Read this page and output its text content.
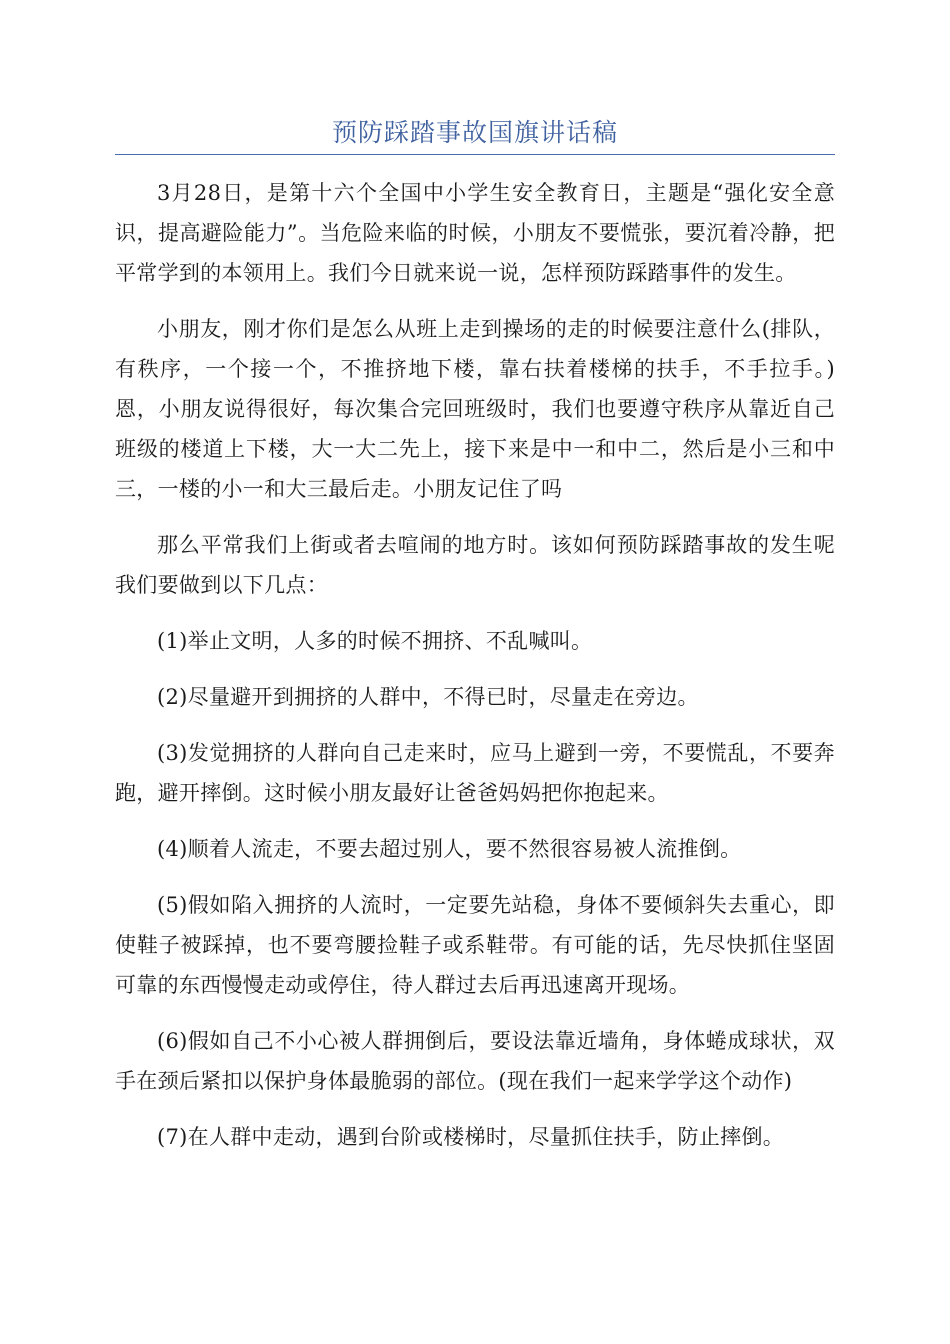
预防踩踏事故国旗讲话稿

3月28日，是第十六个全国中小学生安全教育日，主题是“强化安全意识，提高避险能力”。当危险来临的时候，小朋友不要慌张，要沉着冷静，把平常学到的本领用上。我们今日就来说一说，怎样预防踩踏事件的发生。

小朋友，刚才你们是怎么从班上走到操场的走的时候要注意什么(排队，有秩序，一个接一个，不推挤地下楼，靠右扶着楼梯的扶手，不手拉手。)恩，小朋友说得很好，每次集合完回班级时，我们也要遵守秩序从靠近自己班级的楼道上下楼，大一大二先上，接下来是中一和中二，然后是小三和中三，一楼的小一和大三最后走。小朋友记住了吗

那么平常我们上街或者去喧闹的地方时。该如何预防踩踏事故的发生呢我们要做到以下几点：

(1)举止文明，人多的时候不拥挤、不乱喊叫。

(2)尽量避开到拥挤的人群中，不得已时，尽量走在旁边。

(3)发觉拥挤的人群向自己走来时，应马上避到一旁，不要慌乱，不要奔跑，避开摔倒。这时候小朋友最好让爸爸妈妈把你抱起来。

(4)顺着人流走，不要去超过别人，要不然很容易被人流推倒。

(5)假如陷入拥挤的人流时，一定要先站稳，身体不要倾斜失去重心，即使鞋子被踩掉，也不要弯腰捡鞋子或系鞋带。有可能的话，先尽快抓住坚固可靠的东西慢慢走动或停住，待人群过去后再迅速离开现场。

(6)假如自己不小心被人群拥倒后，要设法靠近墙角，身体蜷成球状，双手在颈后紧扣以保护身体最脆弱的部位。(现在我们一起来学学这个动作)

(7)在人群中走动，遇到台阶或楼梯时，尽量抓住扶手，防止摔倒。
